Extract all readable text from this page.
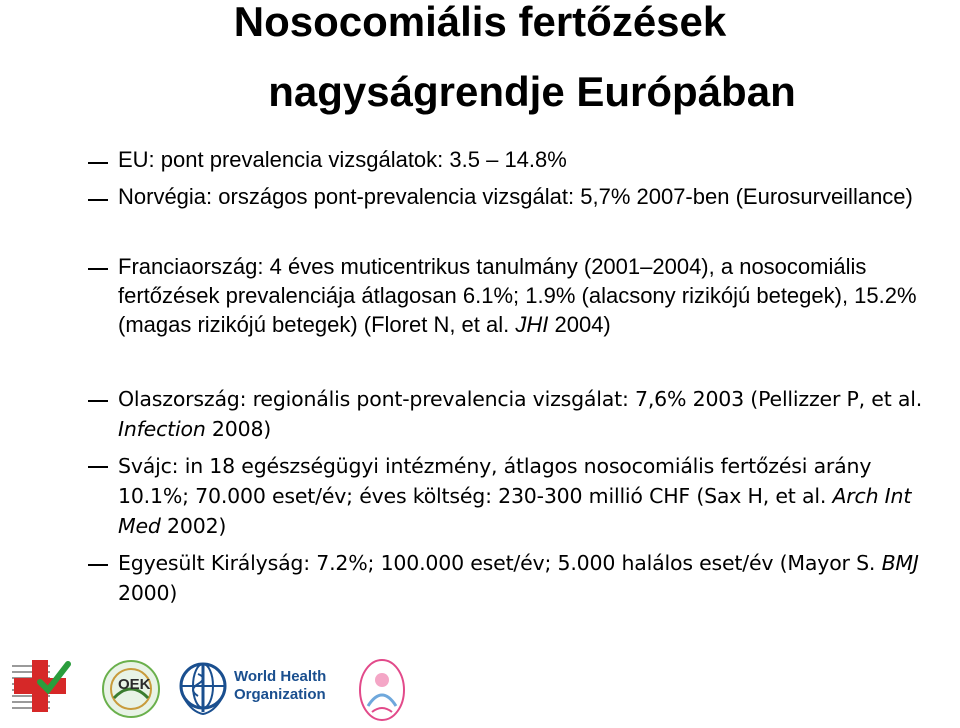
Nosocomiális fertőzések
nagyságrendje Európában

EU: pont prevalencia vizsgálatok: 3.5 – 14.8%

Norvégia: országos pont-prevalencia vizsgálat: 5,7% 2007-ben (Eurosurveillance)

Franciaország: 4 éves muticentrikus tanulmány (2001–2004), a nosocomiális fertőzések prevalenciája átlagosan 6.1%; 1.9% (alacsony rizikójú betegek), 15.2% (magas rizikójú betegek) (Floret N, et al. JHI 2004)

Olaszország: regionális pont-prevalencia vizsgálat: 7,6% 2003 (Pellizzer P, et al. Infection 2008)

Svájc: in 18 egészségügyi intézmény, átlagos nosocomiális fertőzési arány 10.1%; 70.000 eset/év; éves költség: 230-300 millió CHF (Sax H, et al. Arch Int Med 2002)

Egyesült Királyság: 7.2%; 100.000 eset/év; 5.000 halálos eset/év (Mayor S. BMJ 2000)

OEK	World Health
Organization
